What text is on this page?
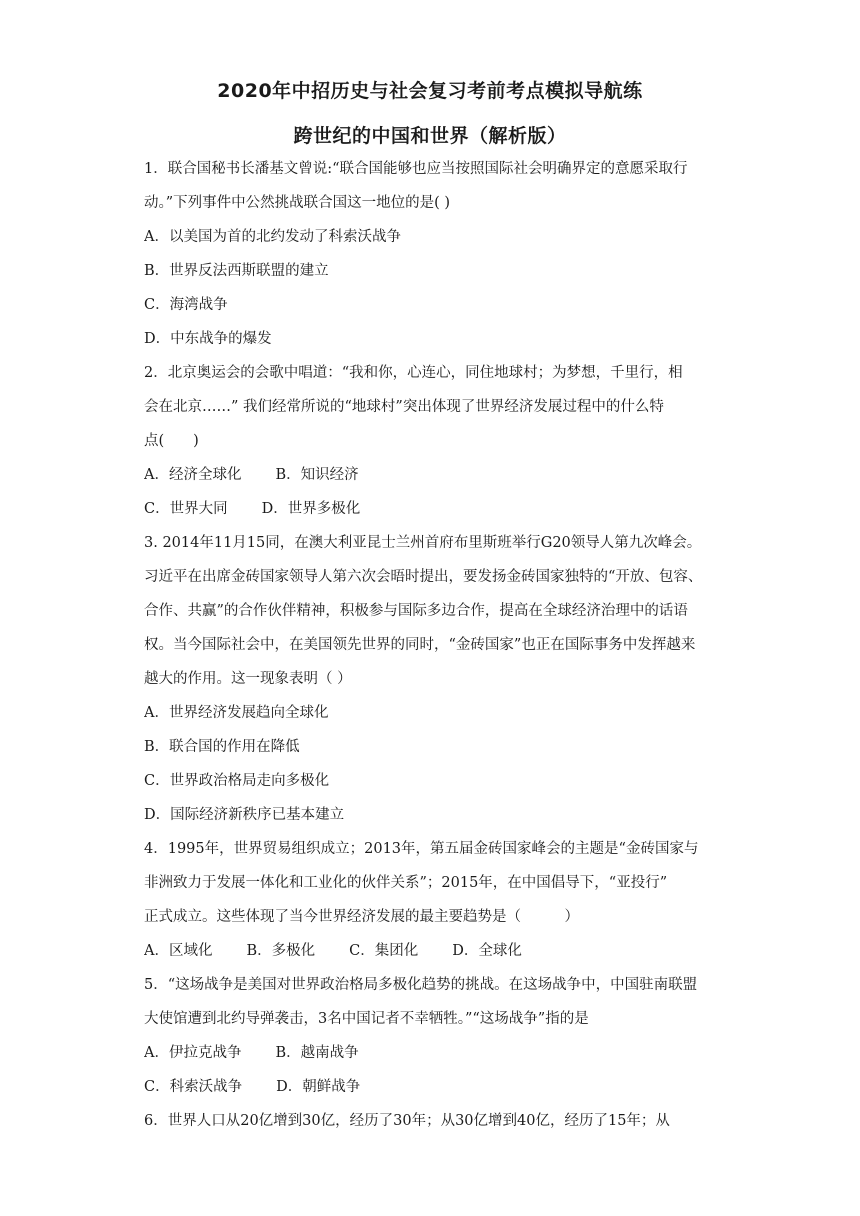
2020年中招历史与社会复习考前考点模拟导航练
跨世纪的中国和世界（解析版）
1．联合国秘书长潘基文曾说:“联合国能够也应当按照国际社会明确界定的意愿采取行
动。”下列事件中公然挑战联合国这一地位的是( )
A．以美国为首的北约发动了科索沃战争
B．世界反法西斯联盟的建立
C．海湾战争
D．中东战争的爆发
2．北京奥运会的会歌中唱道：“我和你，心连心，同住地球村；为梦想，千里行，相
会在北京……” 我们经常所说的“地球村”突出体现了世界经济发展过程中的什么特
点(　　)
A．经济全球化 B．知识经济
C．世界大同 D．世界多极化
3. 2014年11月15同，在澳大利亚昆士兰州首府布里斯班举行G20领导人第九次峰会。
习近平在出席金砖国家领导人第六次会晤时提出，要发扬金砖国家独特的“开放、包容、
合作、共赢”的合作伙伴精神，积极参与国际多边合作，提高在全球经济治理中的话语
权。当今国际社会中，在美国领先世界的同时，“金砖国家”也正在国际事务中发挥越来
越大的作用。这一现象表明（ ）
A．世界经济发展趋向全球化
B．联合国的作用在降低
C．世界政治格局走向多极化
D．国际经济新秩序已基本建立
4．1995年，世界贸易组织成立；2013年，第五届金砖国家峰会的主题是“金砖国家与
非洲致力于发展一体化和工业化的伙伴关系”；2015年，在中国倡导下，“亚投行”
正式成立。这些体现了当今世界经济发展的最主要趋势是（　　　）
A．区域化 B．多极化 C．集团化 D．全球化
5．“这场战争是美国对世界政治格局多极化趋势的挑战。在这场战争中，中国驻南联盟
大使馆遭到北约导弹袭击，3名中国记者不幸牺牲。”“这场战争”指的是
A．伊拉克战争 B．越南战争
C．科索沃战争 D．朝鲜战争
6．世界人口从20亿增到30亿，经历了30年；从30亿增到40亿，经历了15年；从
